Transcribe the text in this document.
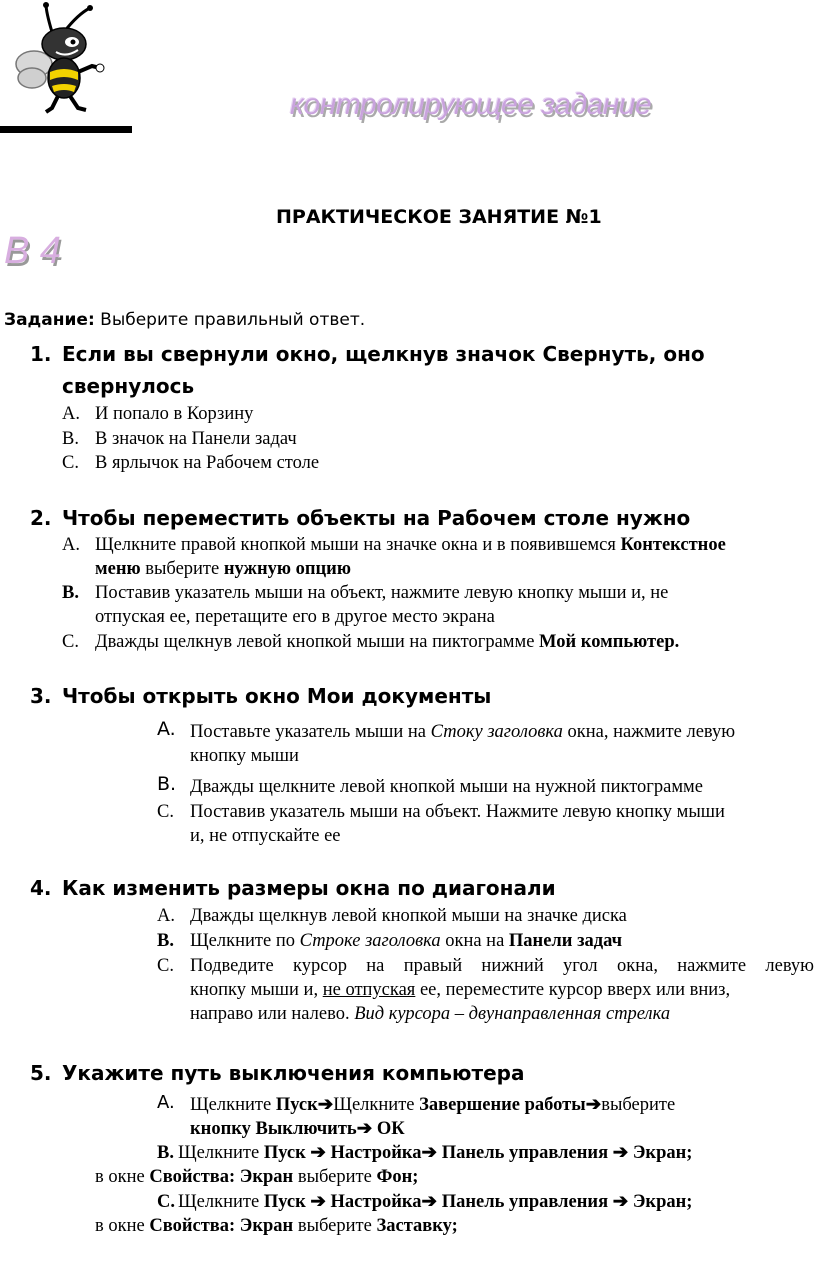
контролирующее задание
В 4
ПРАКТИЧЕСКОЕ ЗАНЯТИЕ №1
Задание: Выберите правильный ответ.
1. Если вы свернули окно, щелкнув значок Свернуть, оно
свернулось
A. И попало в Корзину
B. В значок на Панели задач
C. В ярлычок на Рабочем столе
2. Чтобы переместить объекты на Рабочем столе нужно
A. Щелкните правой кнопкой мыши на значке окна и в появившемся Контекстное
меню выберите нужную опцию
B. Поставив указатель мыши на объект, нажмите левую кнопку мыши и, не
отпуская ее, перетащите его в другое место экрана
C. Дважды щелкнув левой кнопкой мыши на пиктограмме Мой компьютер.
3. Чтобы открыть окно Мои документы
A. Поставьте указатель мыши на Стоку заголовка окна, нажмите левую
кнопку мыши
B. Дважды щелкните левой кнопкой мыши на нужной пиктограмме
C. Поставив указатель мыши на объект. Нажмите левую кнопку мыши
и, не отпускайте ее
4. Как изменить размеры окна по диагонали
A. Дважды щелкнув левой кнопкой мыши на значке диска
B. Щелкните по Строке заголовка окна на Панели задач
C. Подведите курсор на правый нижний угол окна, нажмите левую
кнопку мыши и, не отпуская ее, переместите курсор вверх или вниз,
направо или налево. Вид курсора – двунаправленная стрелка
5. Укажите путь выключения компьютера
A. Щелкните Пуск➔Щелкните Завершение работы➔выберите
кнопку Выключить➔ ОК
B. Щелкните Пуск ➔ Настройка➔ Панель управления ➔ Экран;
в окне Свойства: Экран выберите Фон;
C. Щелкните Пуск ➔ Настройка➔ Панель управления ➔ Экран;
в окне Свойства: Экран выберите Заставку;
